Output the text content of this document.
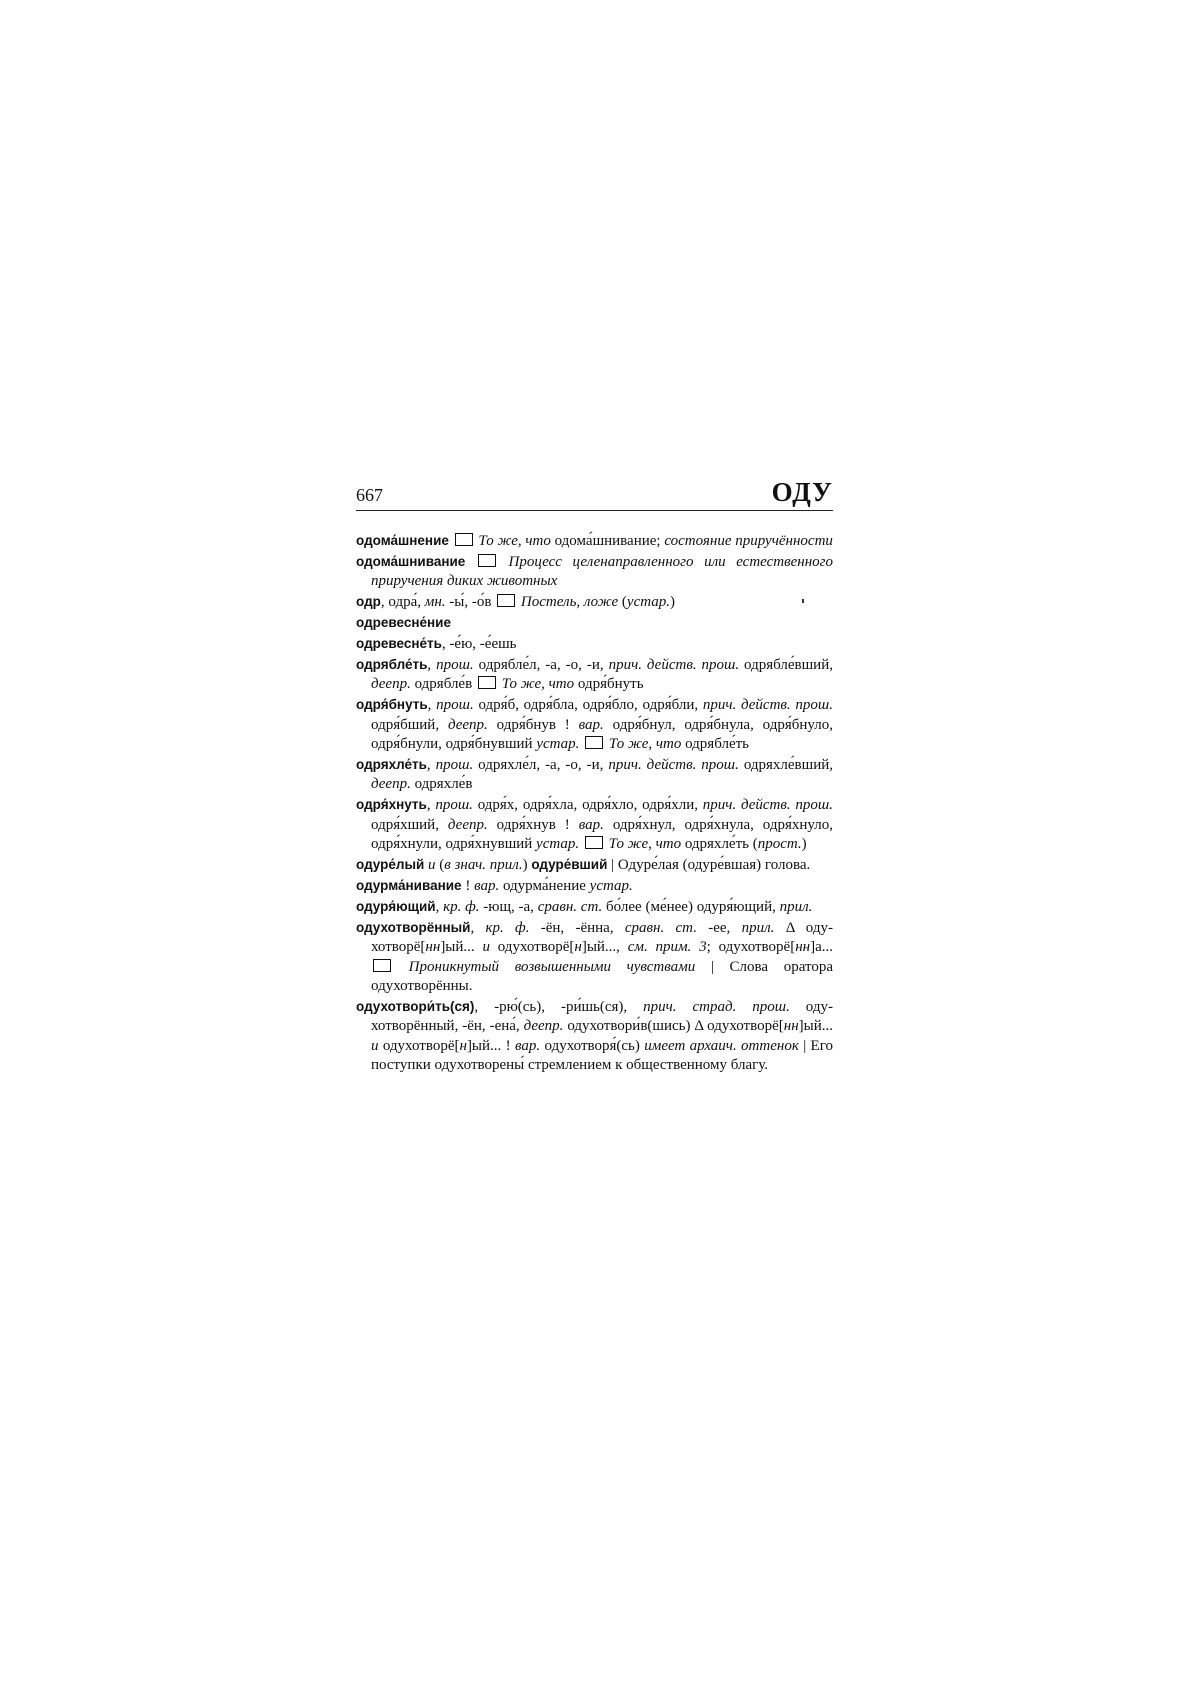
667	ОДУ

одома́шнение То же, что одома́шнивание; состояние приручённости

одома́шнивание	Процесс целенаправленного или естественного приручения диких животных

одр, одра́, мн. -ы́, -о́в  Постель, ложе (устар.)

одревесне́ние

одревесне́ть, -е́ю, -е́ешь

одрябле́ть, прош. одрябле́л, -а, -о, -и, прич. действ. прош. одрябле́вший, деепр. одрябле́в  То же, что одря́бнуть

одря́бнуть, прош. одря́б, одря́бла, одря́бло, одря́бли, прич. действ. прош. одря́бший, деепр. одря́бнув ! вар. одря́бнул, одря́бнула, одря́бнуло, одря́бнули, одря́бнувший устар. То же, что одрябле́ть

одряхле́ть, прош. одряхле́л, -а, -о, -и, прич. действ. прош. одряхле́вший, деепр. одряхле́в

одря́хнуть, прош. одря́х, одря́хла, одря́хло, одря́хли, прич. действ. прош. одря́хший, деепр. одря́хнув ! вар. одря́хнул, одря́хнула, одря́хнуло, одря́хнули, одря́хнувший устар. То же, что одряхле́ть (прост.)

одуре́лый и (в знач. прил.) одуре́вший | Одуре́лая (одуре́вшая) голова.

одурма́нивание ! вар. одурма́нение устар.

одуря́ющий, кр. ф. -ющ, -а, сравн. ст. бо́лее (ме́нее) одуря́ющий, прил.

одухотворённый, кр. ф. -ён, -ённа, сравн. ст. -ее, прил. Δ одухотворё[нн]ый... и одухотворё[н]ый..., см. прим. 3; одухотворё[нн]а...  Проникнутый возвышенными чувствами | Слова оратора одухотворённы.

одухотвори́ть(ся), -рю́(сь), -ри́шь(ся), прич. страд. прош. одухотворённый, -ён, -ена́, деепр. одухотвори́в(шись) Δ одухотворё[нн]ый... и одухотворё[н]ый... ! вар. одухотворя́(сь) имеет архаич. оттенок | Его поступки одухотворены́ стремлением к общественному благу.
